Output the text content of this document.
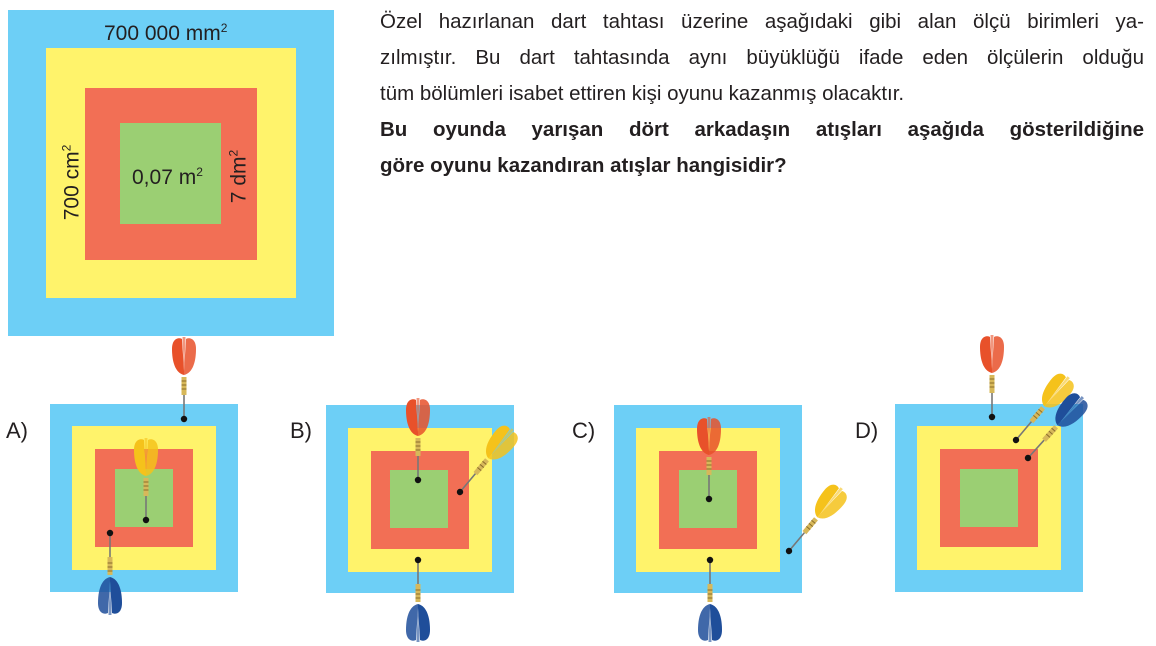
700 000 $mm^2$
700 $cm^2$
7 $dm^2$
0,07 $m^2$
Özel hazırlanan dart tahtası üzerine aşağıdaki gibi alan ölçü birimleri ya-
zılmıştır. Bu dart tahtasında aynı büyüklüğü ifade eden ölçülerin olduğu
tüm bölümleri isabet ettiren kişi oyunu kazanmış olacaktır.
Bu oyunda yarışan dört arkadaşın atışları aşağıda gösterildiğine
göre oyunu kazandıran atışlar hangisidir?
A)	B)	C)	D)
